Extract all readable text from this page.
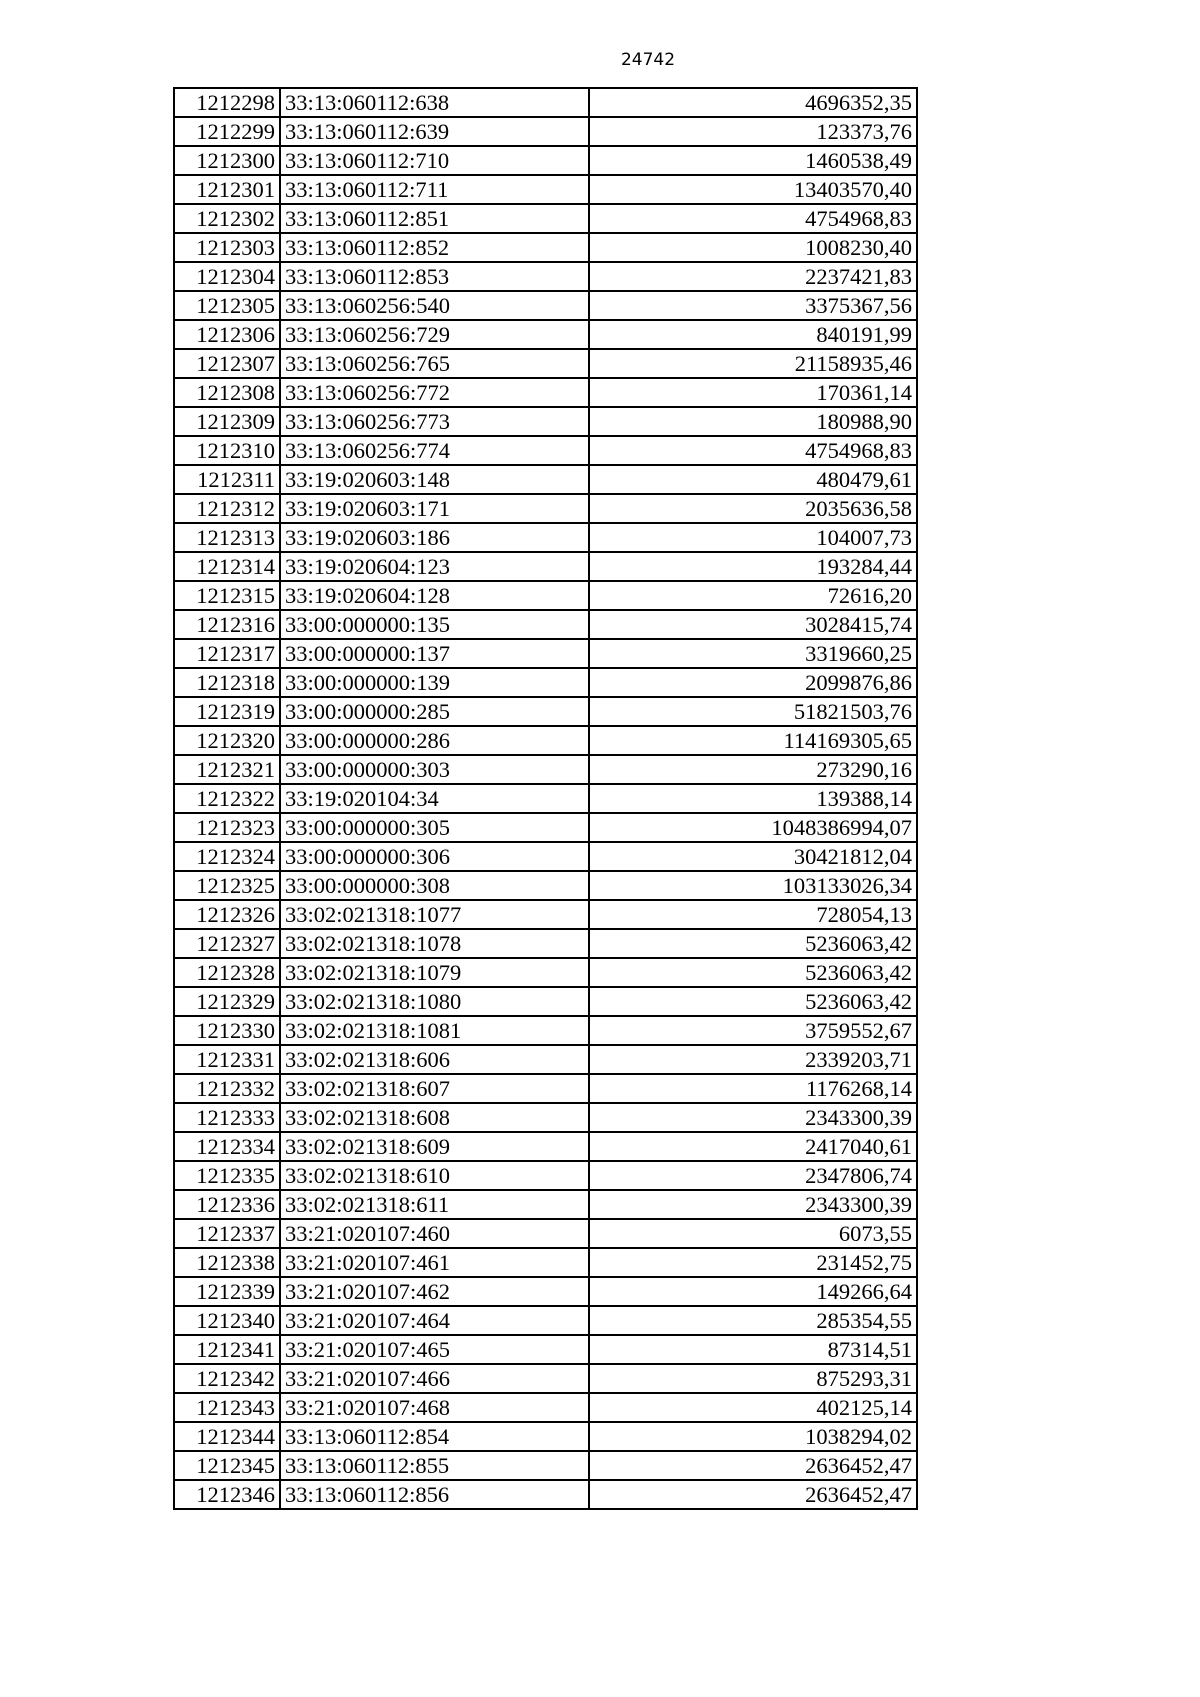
24742
1212298	33:13:060112:638	4696352,35
1212299	33:13:060112:639	123373,76
1212300	33:13:060112:710	1460538,49
1212301	33:13:060112:711	13403570,40
1212302	33:13:060112:851	4754968,83
1212303	33:13:060112:852	1008230,40
1212304	33:13:060112:853	2237421,83
1212305	33:13:060256:540	3375367,56
1212306	33:13:060256:729	840191,99
1212307	33:13:060256:765	21158935,46
1212308	33:13:060256:772	170361,14
1212309	33:13:060256:773	180988,90
1212310	33:13:060256:774	4754968,83
1212311	33:19:020603:148	480479,61
1212312	33:19:020603:171	2035636,58
1212313	33:19:020603:186	104007,73
1212314	33:19:020604:123	193284,44
1212315	33:19:020604:128	72616,20
1212316	33:00:000000:135	3028415,74
1212317	33:00:000000:137	3319660,25
1212318	33:00:000000:139	2099876,86
1212319	33:00:000000:285	51821503,76
1212320	33:00:000000:286	114169305,65
1212321	33:00:000000:303	273290,16
1212322	33:19:020104:34	139388,14
1212323	33:00:000000:305	1048386994,07
1212324	33:00:000000:306	30421812,04
1212325	33:00:000000:308	103133026,34
1212326	33:02:021318:1077	728054,13
1212327	33:02:021318:1078	5236063,42
1212328	33:02:021318:1079	5236063,42
1212329	33:02:021318:1080	5236063,42
1212330	33:02:021318:1081	3759552,67
1212331	33:02:021318:606	2339203,71
1212332	33:02:021318:607	1176268,14
1212333	33:02:021318:608	2343300,39
1212334	33:02:021318:609	2417040,61
1212335	33:02:021318:610	2347806,74
1212336	33:02:021318:611	2343300,39
1212337	33:21:020107:460	6073,55
1212338	33:21:020107:461	231452,75
1212339	33:21:020107:462	149266,64
1212340	33:21:020107:464	285354,55
1212341	33:21:020107:465	87314,51
1212342	33:21:020107:466	875293,31
1212343	33:21:020107:468	402125,14
1212344	33:13:060112:854	1038294,02
1212345	33:13:060112:855	2636452,47
1212346	33:13:060112:856	2636452,47
